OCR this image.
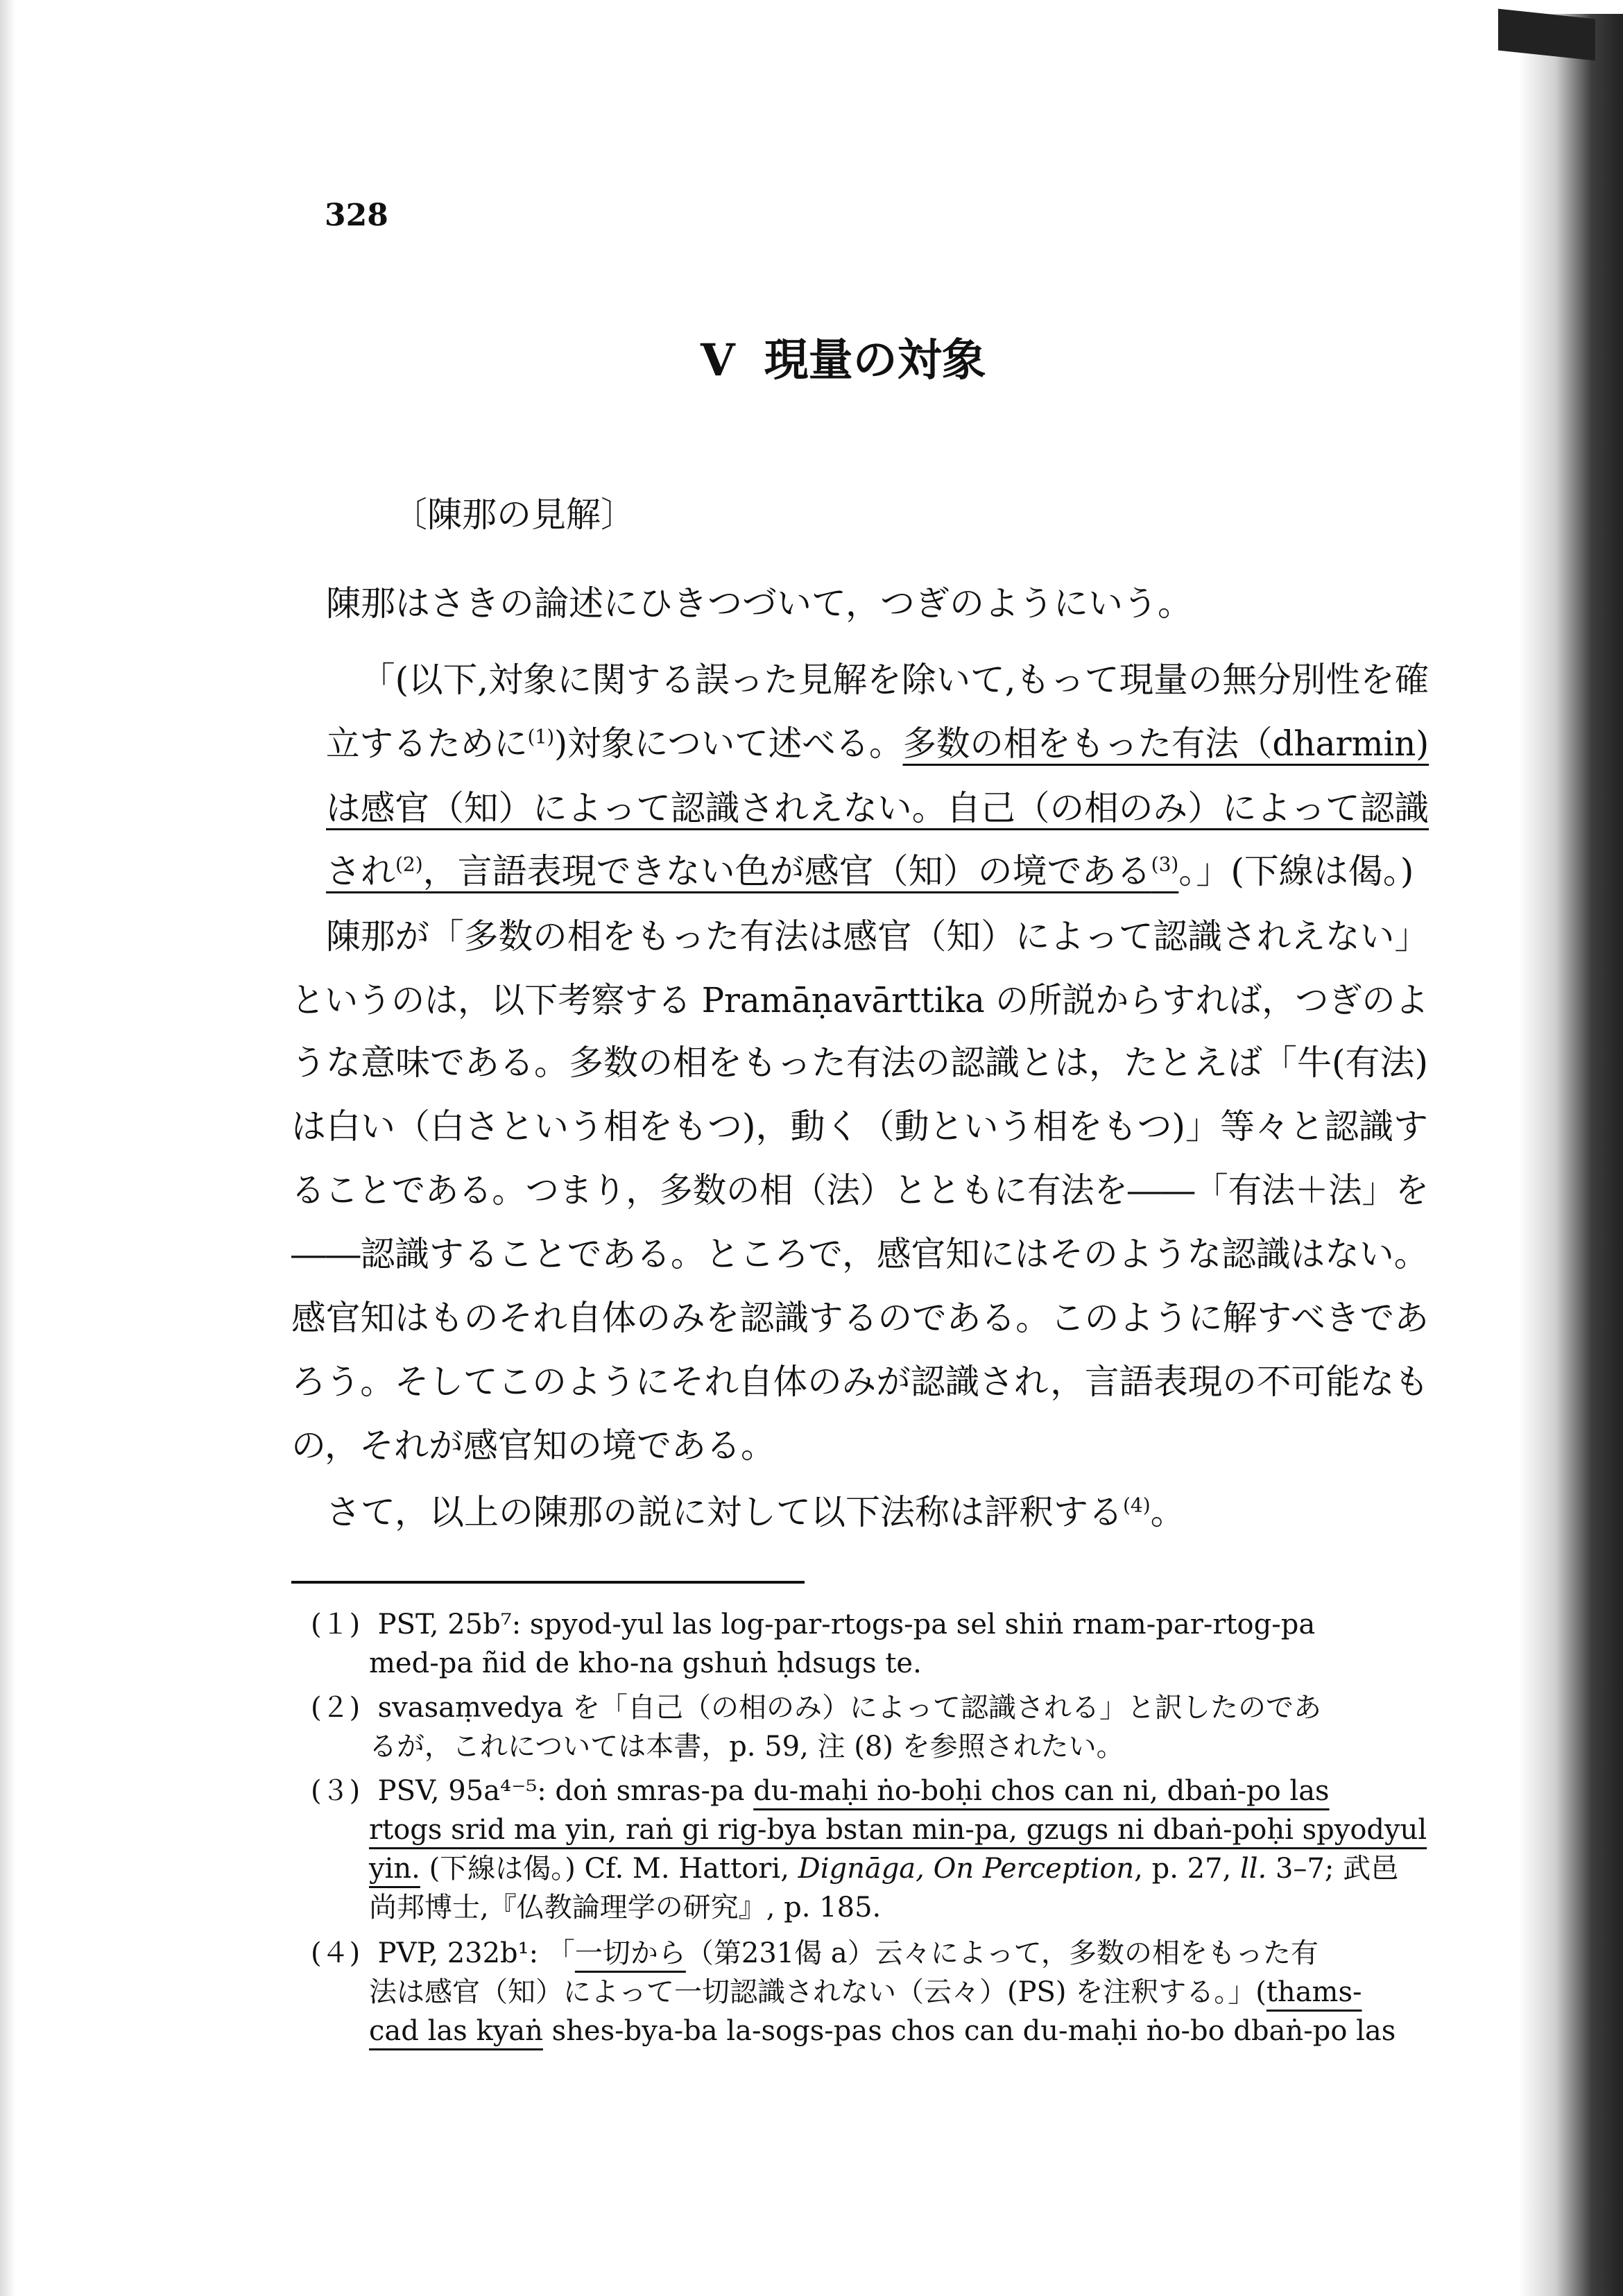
328
V 現量の対象
〔陳那の見解〕
陳那はさきの論述にひきつづいて，つぎのようにいう。
「(以下,対象に関する誤った見解を除いて,もって現量の無分別性を確
立するために$^{(1)}$)対象について述べる。多数の相をもった有法（dharmin)
は感官（知）によって認識されえない。自己（の相のみ）によって認識
され$^{(2)}$，言語表現できない色が感官（知）の境である$^{(3)}$。」(下線は偈。)
陳那が「多数の相をもった有法は感官（知）によって認識されえない」
というのは，以下考察する Pramāṇavārttika の所説からすれば，つぎのよ
うな意味である。多数の相をもった有法の認識とは，たとえば「牛(有法)
は白い（白さという相をもつ)，動く（動という相をもつ)」等々と認識す
ることである。つまり，多数の相（法）とともに有法を――「有法＋法」を
――認識することである。ところで，感官知にはそのような認識はない。
感官知はものそれ自体のみを認識するのである。このように解すべきであ
ろう。そしてこのようにそれ自体のみが認識され，言語表現の不可能なも
の，それが感官知の境である。
さて，以上の陳那の説に対して以下法称は評釈する$^{(4)}$。
(１) PST, 25b⁷: spyod-yul las log-par-rtogs-pa sel shiṅ rnam-par-rtog-pa
med-pa ñid de kho-na gshuṅ ḥdsugs te.
(２) svasaṃvedya を「自己（の相のみ）によって認識される」と訳したのであ
るが，これについては本書，p. 59, 注 (8) を参照されたい。
(３) PSV, 95a⁴⁻⁵: doṅ smras-pa du-maḥi ṅo-boḥi chos can ni, dbaṅ-po las
rtogs srid ma yin, raṅ gi rig-bya bstan min-pa, gzugs ni dbaṅ-poḥi spyodyul
yin. (下線は偈。) Cf. M. Hattori, Dignāga, On Perception, p. 27, ll. 3–7; 武邑
尚邦博士,『仏教論理学の研究』, p. 185.
(４) PVP, 232b¹: 「一切から（第231偈 a）云々によって，多数の相をもった有
法は感官（知）によって一切認識されない（云々）(PS) を注釈する。」(thams-
cad las kyaṅ shes-bya-ba la-sogs-pas chos can du-maḥi ṅo-bo dbaṅ-po las
